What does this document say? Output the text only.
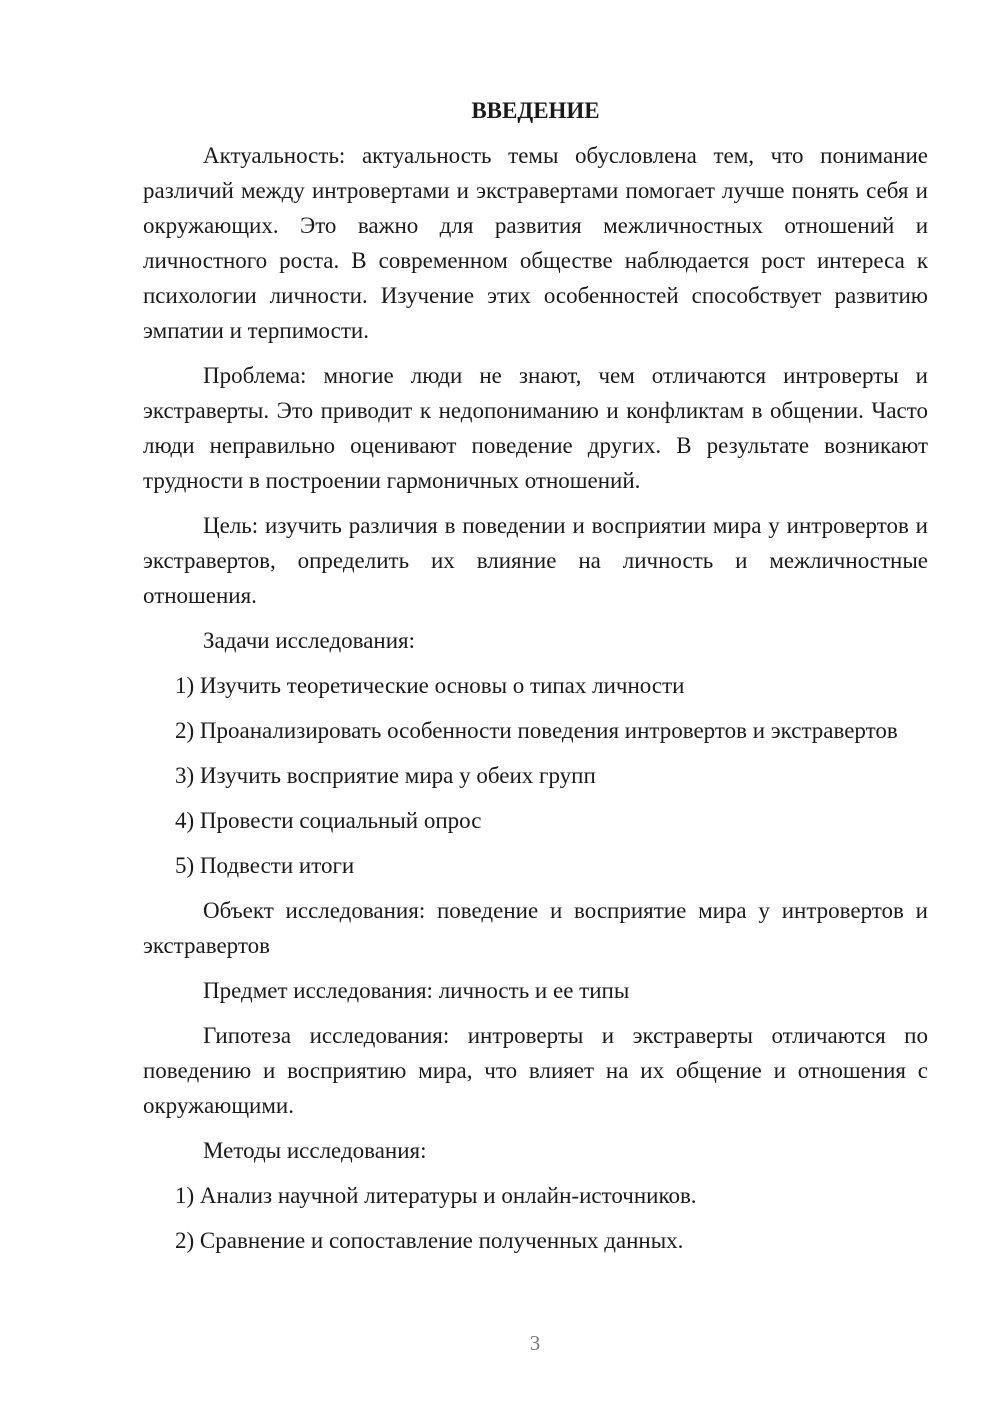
ВВЕДЕНИЕ

Актуальность: актуальность темы обусловлена тем, что понимание различий между интровертами и экстравертами помогает лучше понять себя и окружающих. Это важно для развития межличностных отношений и личностного роста. В современном обществе наблюдается рост интереса к психологии личности. Изучение этих особенностей способствует развитию эмпатии и терпимости.

Проблема: многие люди не знают, чем отличаются интроверты и экстраверты. Это приводит к недопониманию и конфликтам в общении. Часто люди неправильно оценивают поведение других. В результате возникают трудности в построении гармоничных отношений.

Цель: изучить различия в поведении и восприятии мира у интровертов и экстравертов, определить их влияние на личность и межличностные отношения.

Задачи исследования:

1) Изучить теоретические основы о типах личности

2) Проанализировать особенности поведения интровертов и экстравертов

3) Изучить восприятие мира у обеих групп

4) Провести социальный опрос

5) Подвести итоги

Объект исследования: поведение и восприятие мира у интровертов и экстравертов

Предмет исследования: личность и ее типы

Гипотеза исследования: интроверты и экстраверты отличаются по поведению и восприятию мира, что влияет на их общение и отношения с окружающими.

Методы исследования:

1) Анализ научной литературы и онлайн-источников.

2) Сравнение и сопоставление полученных данных.

3
